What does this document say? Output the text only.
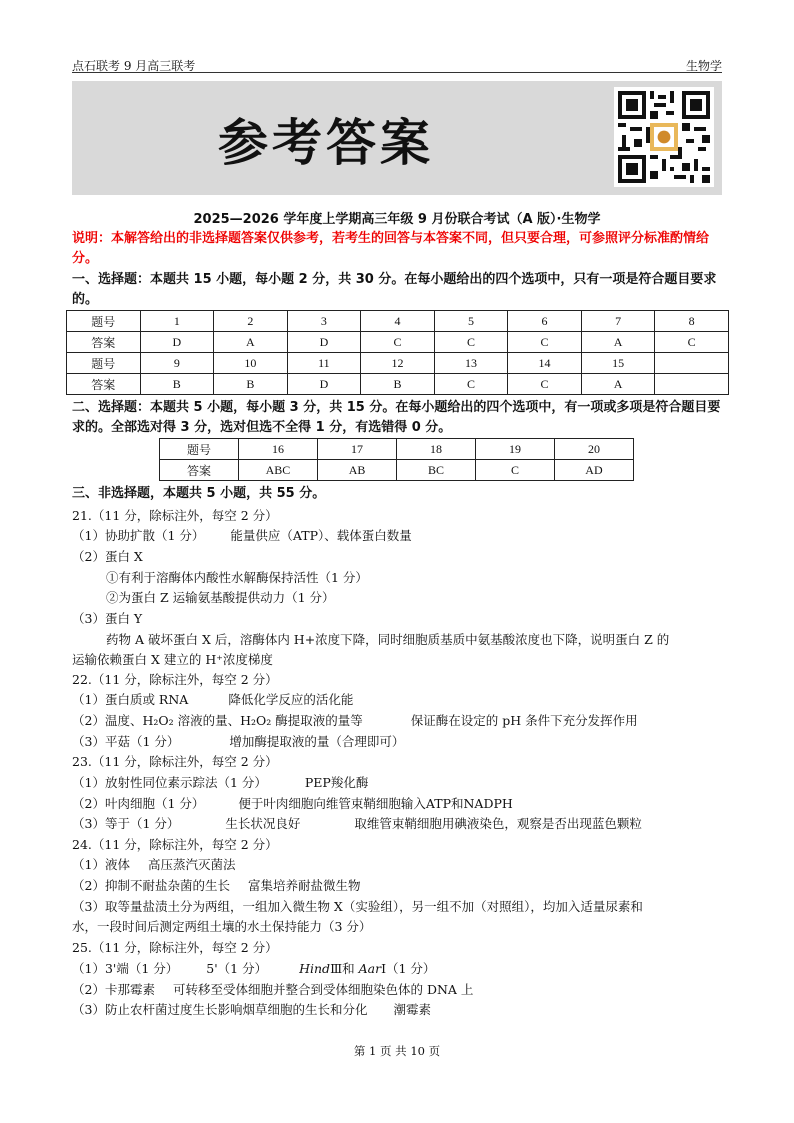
点石联考 9 月高三联考	生物学
参考答案
2025—2026 学年度上学期高三年级 9 月份联合考试（A 版）·生物学
说明：本解答给出的非选择题答案仅供参考，若考生的回答与本答案不同，但只要合理，可参照评分标准酌情给分。
一、选择题：本题共 15 小题，每小题 2 分，共 30 分。在每小题给出的四个选项中，只有一项是符合题目要求的。
题号	1	2	3	4	5	6	7	8
答案	D	A	D	C	C	C	A	C
题号	9	10	11	12	13	14	15	
答案	B	B	D	B	C	C	A	
二、选择题：本题共 5 小题，每小题 3 分，共 15 分。在每小题给出的四个选项中，有一项或多项是符合题目要求的。全部选对得 3 分，选对但选不全得 1 分，有选错得 0 分。
题号	16	17	18	19	20
答案	ABC	AB	BC	C	AD
三、非选择题，本题共 5 小题，共 55 分。
21.（11 分，除标注外，每空 2 分）
（1）协助扩散（1 分） 能量供应（ATP）、载体蛋白数量
（2）蛋白 X
①有利于溶酶体内酸性水解酶保持活性（1 分）
②为蛋白 Z 运输氨基酸提供动力（1 分）
（3）蛋白 Y
药物 A 破坏蛋白 X 后，溶酶体内 H+浓度下降，同时细胞质基质中氨基酸浓度也下降，说明蛋白 Z 的
运输依赖蛋白 X 建立的 H⁺浓度梯度
22.（11 分，除标注外，每空 2 分）
（1）蛋白质或 RNA	降低化学反应的活化能
（2）温度、H₂O₂ 溶液的量、H₂O₂ 酶提取液的量等	保证酶在设定的 pH 条件下充分发挥作用
（3）平菇（1 分）	增加酶提取液的量（合理即可）
23.（11 分，除标注外，每空 2 分）
（1）放射性同位素示踪法（1 分）	PEP羧化酶
（2）叶肉细胞（1 分）	便于叶肉细胞向维管束鞘细胞输入ATP和NADPH
（3）等于（1 分）	生长状况良好	取维管束鞘细胞用碘液染色，观察是否出现蓝色颗粒
24.（11 分，除标注外，每空 2 分）
（1）液体 高压蒸汽灭菌法
（2）抑制不耐盐杂菌的生长 富集培养耐盐微生物
（3）取等量盐渍土分为两组，一组加入微生物 X（实验组），另一组不加（对照组），均加入适量尿素和
水，一段时间后测定两组土壤的水土保持能力（3 分）
25.（11 分，除标注外，每空 2 分）
（1）3'端（1 分） 5'（1 分）	HindⅢ和 AarⅠ（1 分）
（2）卡那霉素 可转移至受体细胞并整合到受体细胞染色体的 DNA 上
（3）防止农杆菌过度生长影响烟草细胞的生长和分化 潮霉素
第 1 页 共 10 页
